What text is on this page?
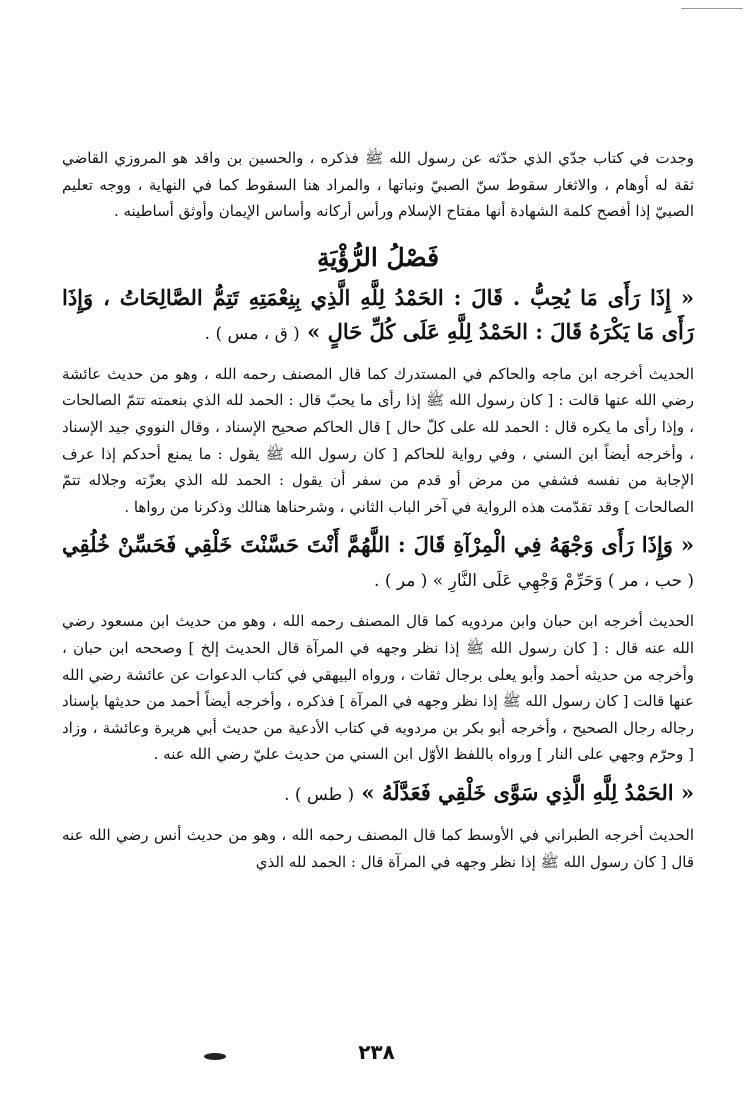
وجدت في كتاب جدّي الذي حدّثه عن رسول الله ﷺ فذكره ، والحسين بن واقد هو المروزي القاضي ثقة له أوهام ، والاثغار سقوط سنّ الصبيّ ونباتها ، والمراد هنا السقوط كما في النهاية ، ووجه تعليم الصبيّ إذا أفصح كلمة الشهادة أنها مفتاح الإسلام ورأس أركانه وأساس الإيمان وأوثق أساطينه .

فَصْلُ الرُّؤْيَةِ
« إِذَا رَأَى مَا يُحِبُّ . قَالَ : الحَمْدُ لِلَّهِ الَّذِي بِنِعْمَتِهِ تَتِمُّ الصَّالِحَاتُ ، وَإِذَا رَأَى مَا يَكْرَهُ قَالَ : الحَمْدُ لِلَّهِ عَلَى كُلِّ حَالٍ » ( ق ، مس ) .

الحديث أخرجه ابن ماجه والحاكم في المستدرك كما قال المصنف رحمه الله ، وهو من حديث عائشة رضي الله عنها قالت : [ كان رسول الله ﷺ إذا رأى ما يحبّ قال : الحمد لله الذي بنعمته تتمّ الصالحات ، وإذا رأى ما يكره قال : الحمد لله على كلّ حال ] قال الحاكم صحيح الإسناد ، وقال النووي جيد الإسناد ، وأخرجه أيضاً ابن السني ، وفي رواية للحاكم [ كان رسول الله ﷺ يقول : ما يمنع أحدكم إذا عرف الإجابة من نفسه فشفي من مرض أو قدم من سفر أن يقول : الحمد لله الذي بعزّته وجلاله تتمّ الصالحات ] وقد تقدّمت هذه الرواية في آخر الباب الثاني ، وشرحناها هنالك وذكرنا من رواها .

« وَإِذَا رَأَى وَجْهَهُ فِي الْمِرْآةِ قَالَ : اللَّهُمَّ أَنْتَ حَسَّنْتَ خَلْقِي فَحَسِّنْ خُلُقِي ( حب ، مر ) وَحَرِّمْ وَجْهِي عَلَى النَّارِ » ( مر ) .

الحديث أخرجه ابن حبان وابن مردويه كما قال المصنف رحمه الله ، وهو من حديث ابن مسعود رضي الله عنه قال : [ كان رسول الله ﷺ إذا نظر وجهه في المرآة قال الحديث إلخ ] وصححه ابن حبان ، وأخرجه من حديثه أحمد وأبو يعلى برجال ثقات ، ورواه البيهقي في كتاب الدعوات عن عائشة رضي الله عنها قالت [ كان رسول الله ﷺ إذا نظر وجهه في المرآة ] فذكره ، وأخرجه أيضاً أحمد من حديثها بإسناد رجاله رجال الصحيح ، وأخرجه أبو بكر بن مردويه في كتاب الأدعية من حديث أبي هريرة وعائشة ، وزاد [ وحرّم وجهي على النار ] ورواه باللفظ الأوّل ابن السني من حديث عليّ رضي الله عنه .

« الحَمْدُ لِلَّهِ الَّذِي سَوَّى خَلْقِي فَعَدَّلَهُ » ( طس ) .

الحديث أخرجه الطبراني في الأوسط كما قال المصنف رحمه الله ، وهو من حديث أنس رضي الله عنه قال [ كان رسول الله ﷺ إذا نظر وجهه في المرآة قال : الحمد لله الذي

٢٣٨
